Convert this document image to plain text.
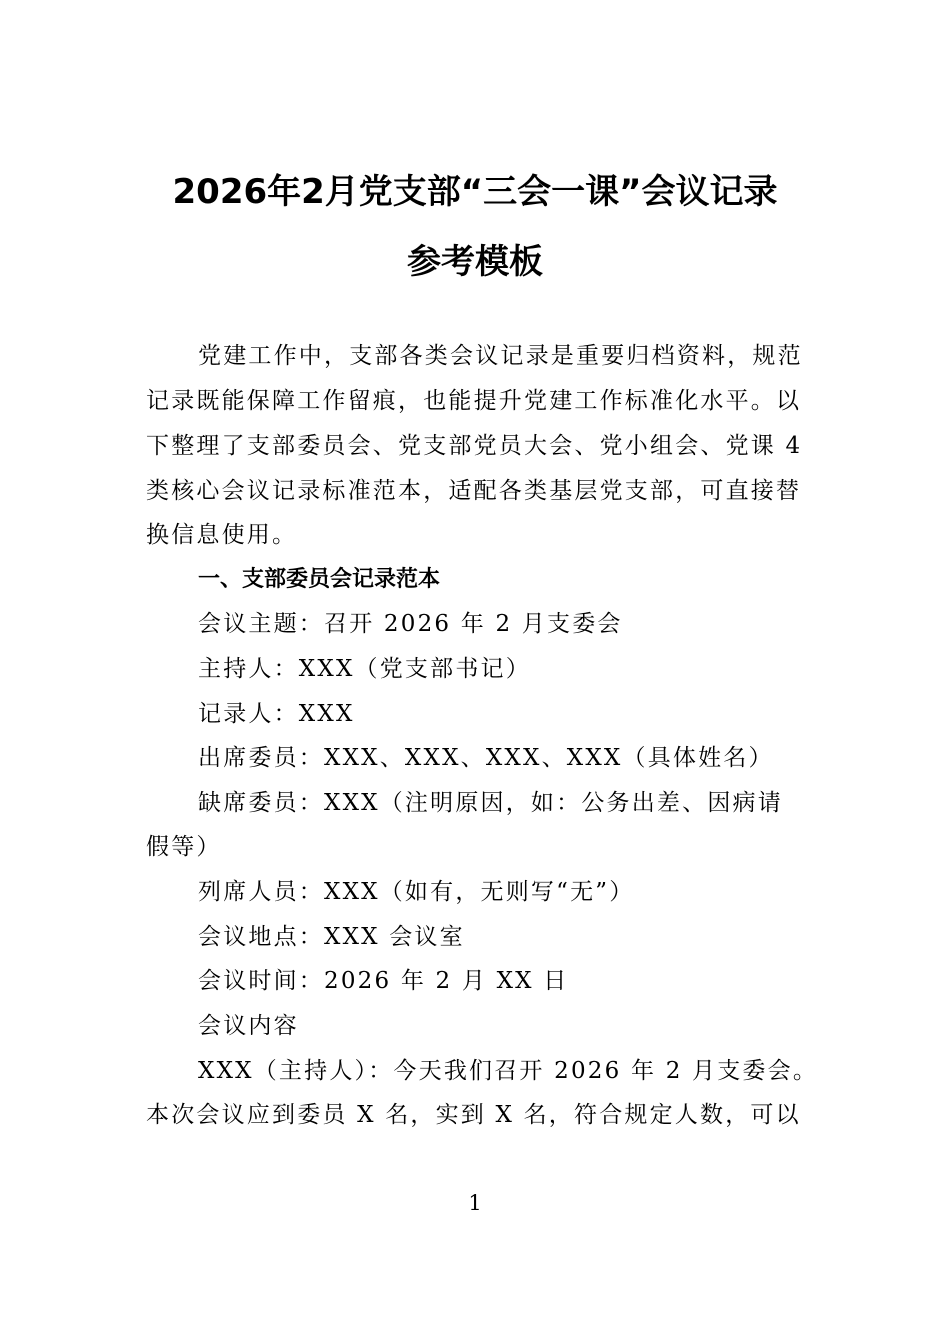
2026年2月党支部“三会一课”会议记录
参考模板
党建工作中，支部各类会议记录是重要归档资料，规范
记录既能保障工作留痕，也能提升党建工作标准化水平。以
下整理了支部委员会、党支部党员大会、党小组会、党课 4
类核心会议记录标准范本，适配各类基层党支部，可直接替
换信息使用。
一、支部委员会记录范本
会议主题：召开 2026 年 2 月支委会
主持人：XXX（党支部书记）
记录人：XXX
出席委员：XXX、XXX、XXX、XXX（具体姓名）
缺席委员：XXX（注明原因，如：公务出差、因病请
假等）
列席人员：XXX（如有，无则写“无”）
会议地点：XXX 会议室
会议时间：2026 年 2 月 XX 日
会议内容
XXX（主持人）：今天我们召开 2026 年 2 月支委会。
本次会议应到委员 X 名，实到 X 名，符合规定人数，可以
1
